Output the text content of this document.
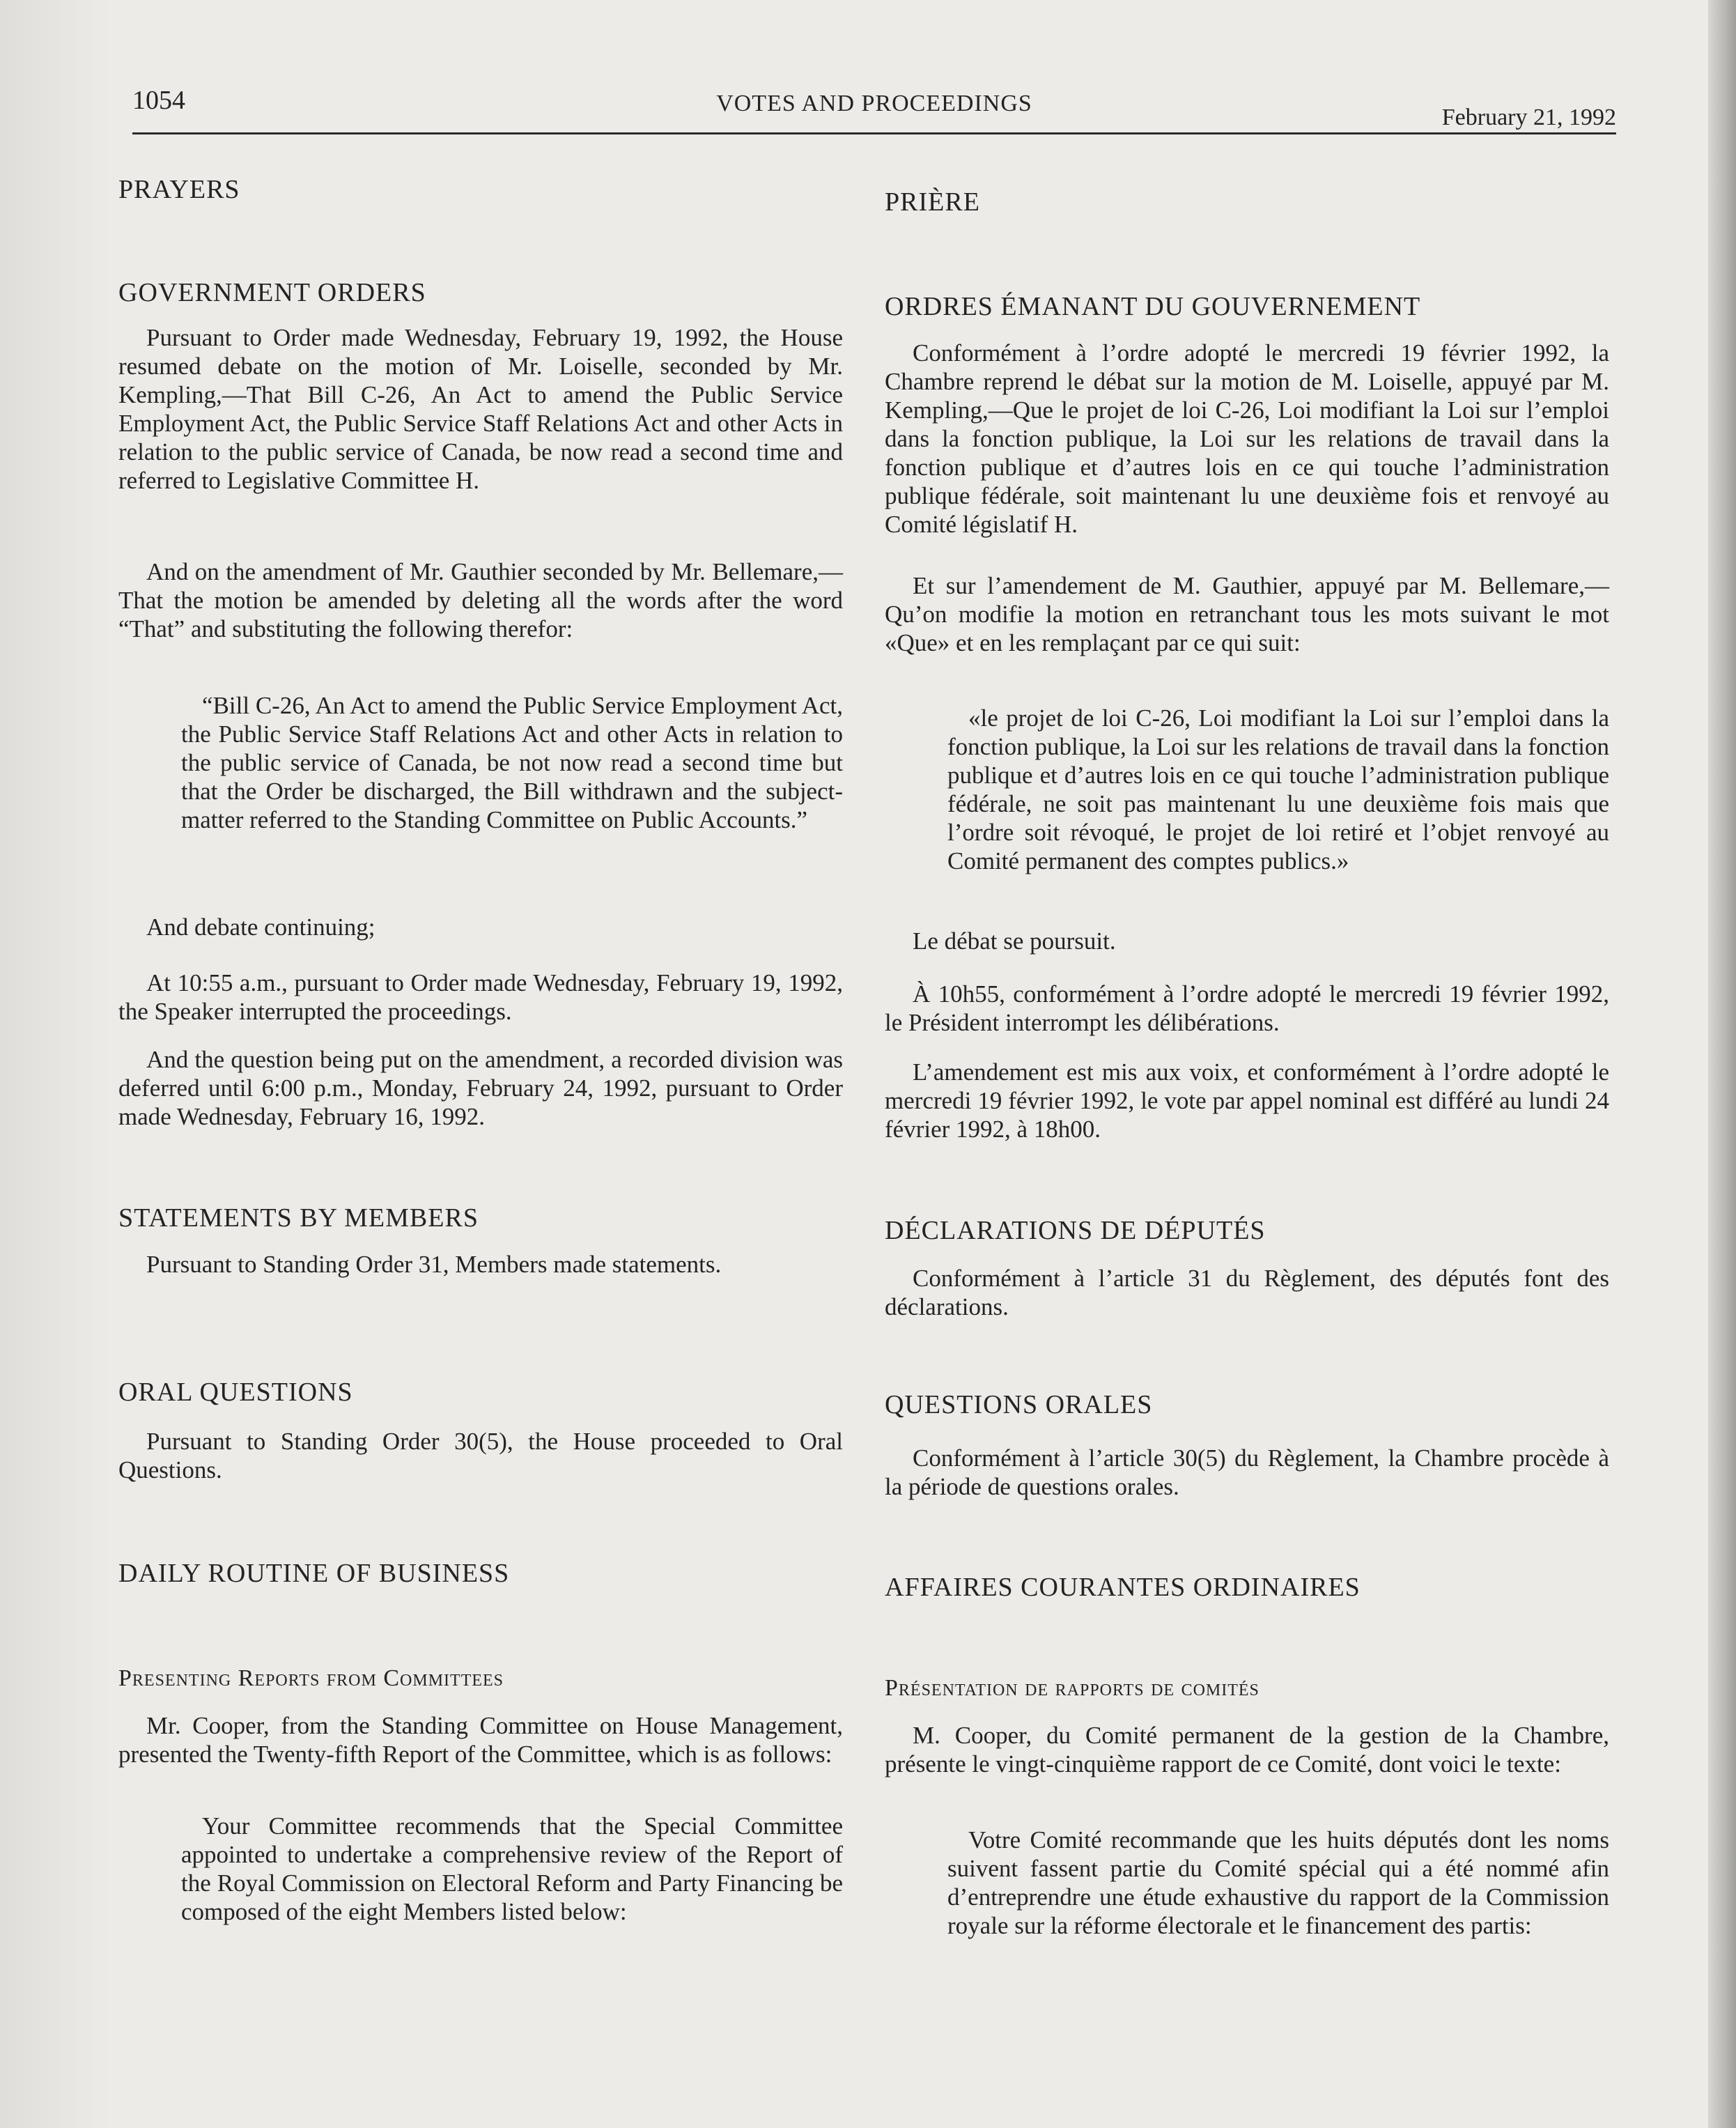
1054	VOTES AND PROCEEDINGS
February 21, 1992
PRAYERS
GOVERNMENT ORDERS

Pursuant to Order made Wednesday, February 19, 1992, the House resumed debate on the motion of Mr. Loiselle, seconded by Mr. Kempling,—That Bill C-26, An Act to amend the Public Service Employment Act, the Public Service Staff Relations Act and other Acts in relation to the public service of Canada, be now read a second time and referred to Legislative Committee H.

And on the amendment of Mr. Gauthier seconded by Mr. Bellemare,—That the motion be amended by deleting all the words after the word “That” and substituting the following therefor:

“Bill C-26, An Act to amend the Public Service Employment Act, the Public Service Staff Relations Act and other Acts in relation to the public service of Canada, be not now read a second time but that the Order be discharged, the Bill withdrawn and the subject-matter referred to the Standing Committee on Public Accounts.”

And debate continuing;

At 10:55 a.m., pursuant to Order made Wednesday, February 19, 1992, the Speaker interrupted the proceedings.

And the question being put on the amendment, a recorded division was deferred until 6:00 p.m., Monday, February 24, 1992, pursuant to Order made Wednesday, February 16, 1992.

STATEMENTS BY MEMBERS

Pursuant to Standing Order 31, Members made statements.

ORAL QUESTIONS

Pursuant to Standing Order 30(5), the House proceeded to Oral Questions.

DAILY ROUTINE OF BUSINESS
Presenting Reports from Committees

Mr. Cooper, from the Standing Committee on House Management, presented the Twenty-fifth Report of the Committee, which is as follows:

Your Committee recommends that the Special Committee appointed to undertake a comprehensive review of the Report of the Royal Commission on Electoral Reform and Party Financing be composed of the eight Members listed below:

PRIÈRE
ORDRES ÉMANANT DU GOUVERNEMENT

Conformément à l’ordre adopté le mercredi 19 février 1992, la Chambre reprend le débat sur la motion de M. Loiselle, appuyé par M. Kempling,—Que le projet de loi C-26, Loi modifiant la Loi sur l’emploi dans la fonction publique, la Loi sur les relations de travail dans la fonction publique et d’autres lois en ce qui touche l’administration publique fédérale, soit maintenant lu une deuxième fois et renvoyé au Comité législatif H.

Et sur l’amendement de M. Gauthier, appuyé par M. Bellemare,—Qu’on modifie la motion en retranchant tous les mots suivant le mot «Que» et en les remplaçant par ce qui suit:

«le projet de loi C-26, Loi modifiant la Loi sur l’emploi dans la fonction publique, la Loi sur les relations de travail dans la fonction publique et d’autres lois en ce qui touche l’administration publique fédérale, ne soit pas maintenant lu une deuxième fois mais que l’ordre soit révoqué, le projet de loi retiré et l’objet renvoyé au Comité permanent des comptes publics.»

Le débat se poursuit.

À 10h55, conformément à l’ordre adopté le mercredi 19 février 1992, le Président interrompt les délibérations.

L’amendement est mis aux voix, et conformément à l’ordre adopté le mercredi 19 février 1992, le vote par appel nominal est différé au lundi 24 février 1992, à 18h00.

DÉCLARATIONS DE DÉPUTÉS

Conformément à l’article 31 du Règlement, des députés font des déclarations.

QUESTIONS ORALES

Conformément à l’article 30(5) du Règlement, la Chambre procède à la période de questions orales.

AFFAIRES COURANTES ORDINAIRES
Présentation de rapports de comités

M. Cooper, du Comité permanent de la gestion de la Chambre, présente le vingt-cinquième rapport de ce Comité, dont voici le texte:

Votre Comité recommande que les huits députés dont les noms suivent fassent partie du Comité spécial qui a été nommé afin d’entreprendre une étude exhaustive du rapport de la Commission royale sur la réforme électorale et le financement des partis:
